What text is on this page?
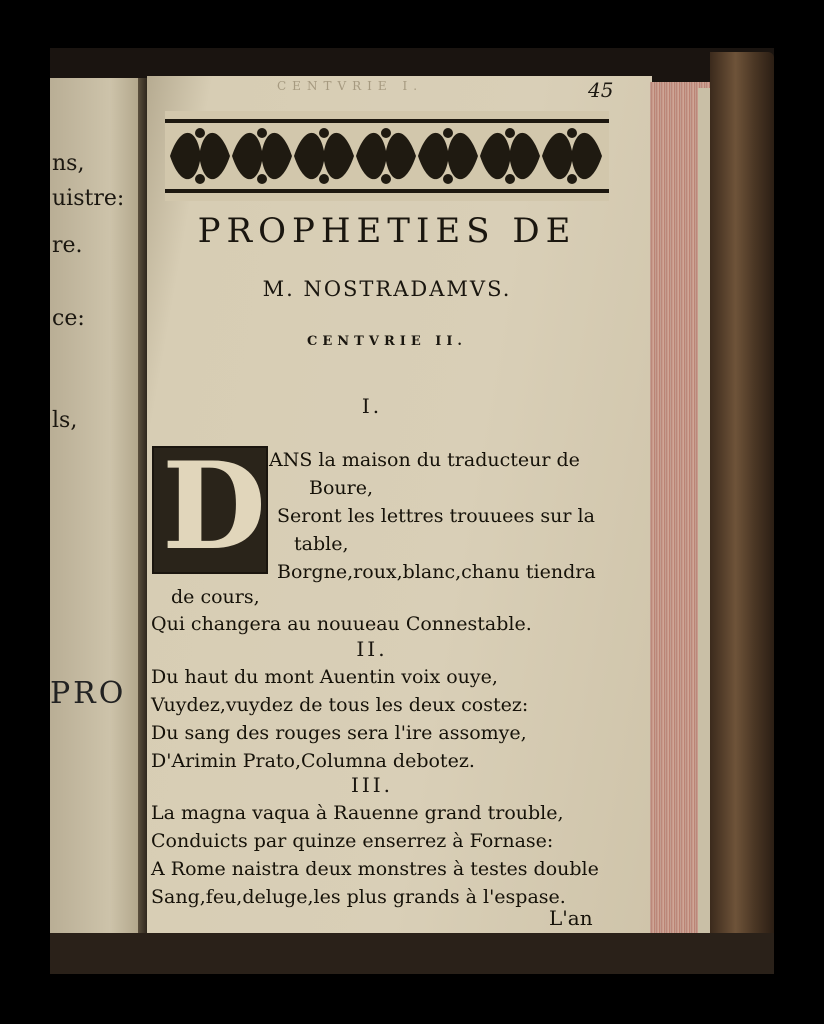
ns,
uistre:
re.
ce:
ls,
PRO
CENTVRIE I.	45
PROPHETIES DE
M. NOSTRADAMVS.
CENTVRIE II.
I.
D ANS la maison du traducteur de
Boure,
Seront les lettres trouuees sur la
table,
Borgne,roux,blanc,chanu tiendra
de cours,
Qui changera au nouueau Connestable.
II.
Du haut du mont Auentin voix ouye,
Vuydez,vuydez de tous les deux costez:
Du sang des rouges sera l'ire assomye,
D'Arimin Prato,Columna debotez.
III.
La magna vaqua à Rauenne grand trouble,
Conduicts par quinze enserrez à Fornase:
A Rome naistra deux monstres à testes double
Sang,feu,deluge,les plus grands à l'espase.
L'an
